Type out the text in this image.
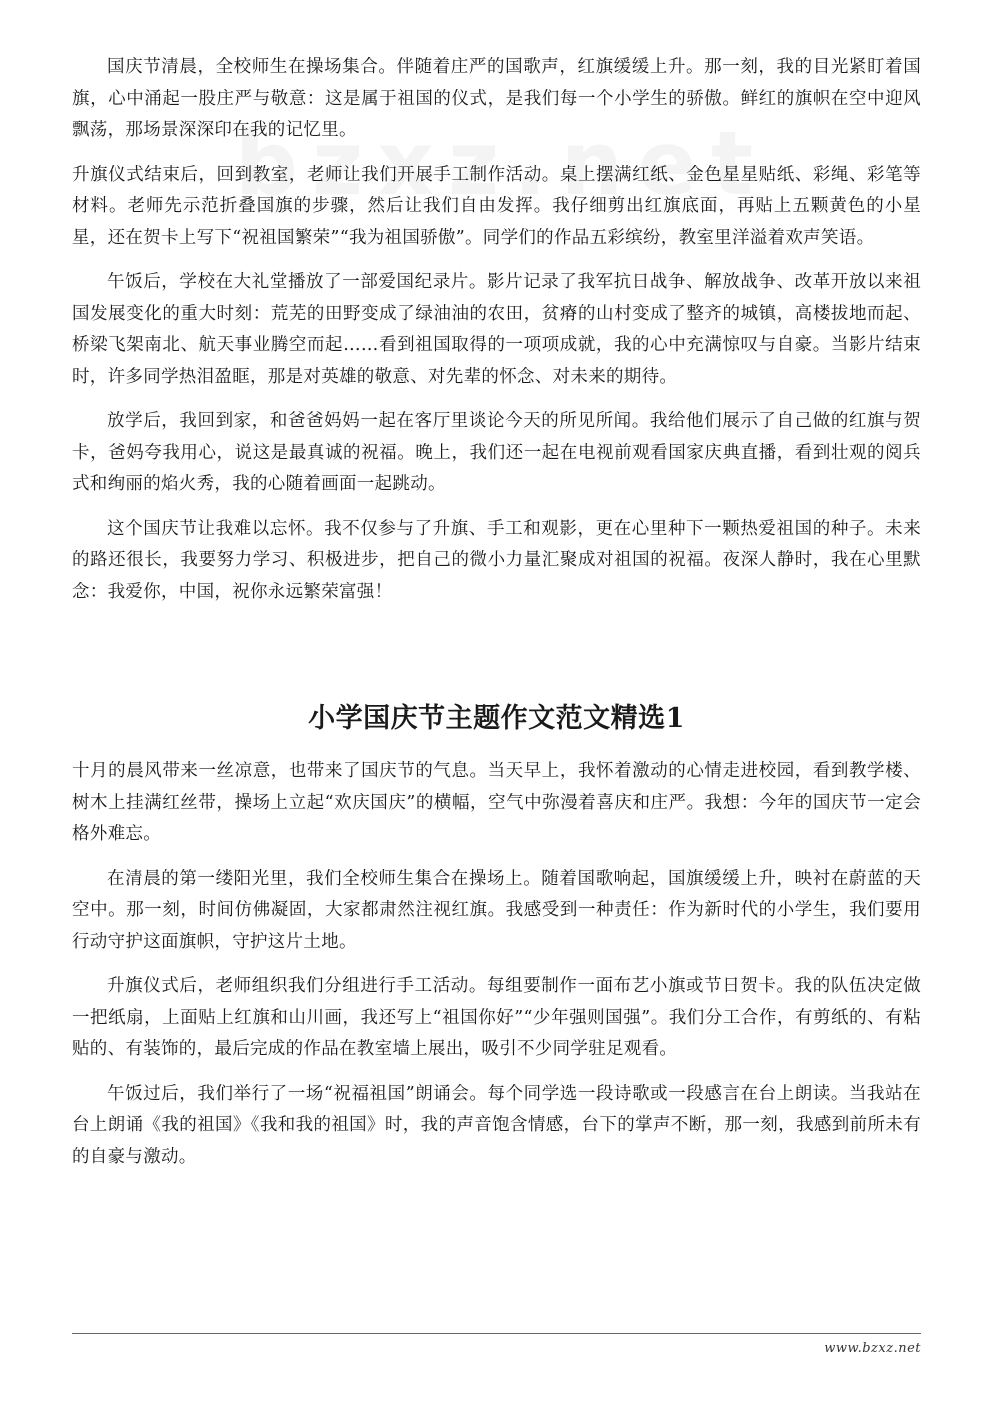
国庆节清晨，全校师生在操场集合。伴随着庄严的国歌声，红旗缓缓上升。那一刻，我的目光紧盯着国旗，心中涌起一股庄严与敬意：这是属于祖国的仪式，是我们每一个小学生的骄傲。鲜红的旗帜在空中迎风飘荡，那场景深深印在我的记忆里。

升旗仪式结束后，回到教室，老师让我们开展手工制作活动。桌上摆满红纸、金色星星贴纸、彩绳、彩笔等材料。老师先示范折叠国旗的步骤，然后让我们自由发挥。我仔细剪出红旗底面，再贴上五颗黄色的小星星，还在贺卡上写下“祝祖国繁荣”“我为祖国骄傲”。同学们的作品五彩缤纷，教室里洋溢着欢声笑语。

午饭后，学校在大礼堂播放了一部爱国纪录片。影片记录了我军抗日战争、解放战争、改革开放以来祖国发展变化的重大时刻：荒芜的田野变成了绿油油的农田，贫瘠的山村变成了整齐的城镇，高楼拔地而起、桥梁飞架南北、航天事业腾空而起……看到祖国取得的一项项成就，我的心中充满惊叹与自豪。当影片结束时，许多同学热泪盈眶，那是对英雄的敬意、对先辈的怀念、对未来的期待。

放学后，我回到家，和爸爸妈妈一起在客厅里谈论今天的所见所闻。我给他们展示了自己做的红旗与贺卡，爸妈夸我用心，说这是最真诚的祝福。晚上，我们还一起在电视前观看国家庆典直播，看到壮观的阅兵式和绚丽的焰火秀，我的心随着画面一起跳动。

这个国庆节让我难以忘怀。我不仅参与了升旗、手工和观影，更在心里种下一颗热爱祖国的种子。未来的路还很长，我要努力学习、积极进步，把自己的微小力量汇聚成对祖国的祝福。夜深人静时，我在心里默念：我爱你，中国，祝你永远繁荣富强！

小学国庆节主题作文范文精选1

十月的晨风带来一丝凉意，也带来了国庆节的气息。当天早上，我怀着激动的心情走进校园，看到教学楼、树木上挂满红丝带，操场上立起“欢庆国庆”的横幅，空气中弥漫着喜庆和庄严。我想：今年的国庆节一定会格外难忘。

在清晨的第一缕阳光里，我们全校师生集合在操场上。随着国歌响起，国旗缓缓上升，映衬在蔚蓝的天空中。那一刻，时间仿佛凝固，大家都肃然注视红旗。我感受到一种责任：作为新时代的小学生，我们要用行动守护这面旗帜，守护这片土地。

升旗仪式后，老师组织我们分组进行手工活动。每组要制作一面布艺小旗或节日贺卡。我的队伍决定做一把纸扇，上面贴上红旗和山川画，我还写上“祖国你好”“少年强则国强”。我们分工合作，有剪纸的、有粘贴的、有装饰的，最后完成的作品在教室墙上展出，吸引不少同学驻足观看。

午饭过后，我们举行了一场“祝福祖国”朗诵会。每个同学选一段诗歌或一段感言在台上朗读。当我站在台上朗诵《我的祖国》《我和我的祖国》时，我的声音饱含情感，台下的掌声不断，那一刻，我感到前所未有的自豪与激动。

www.bzxz.net
